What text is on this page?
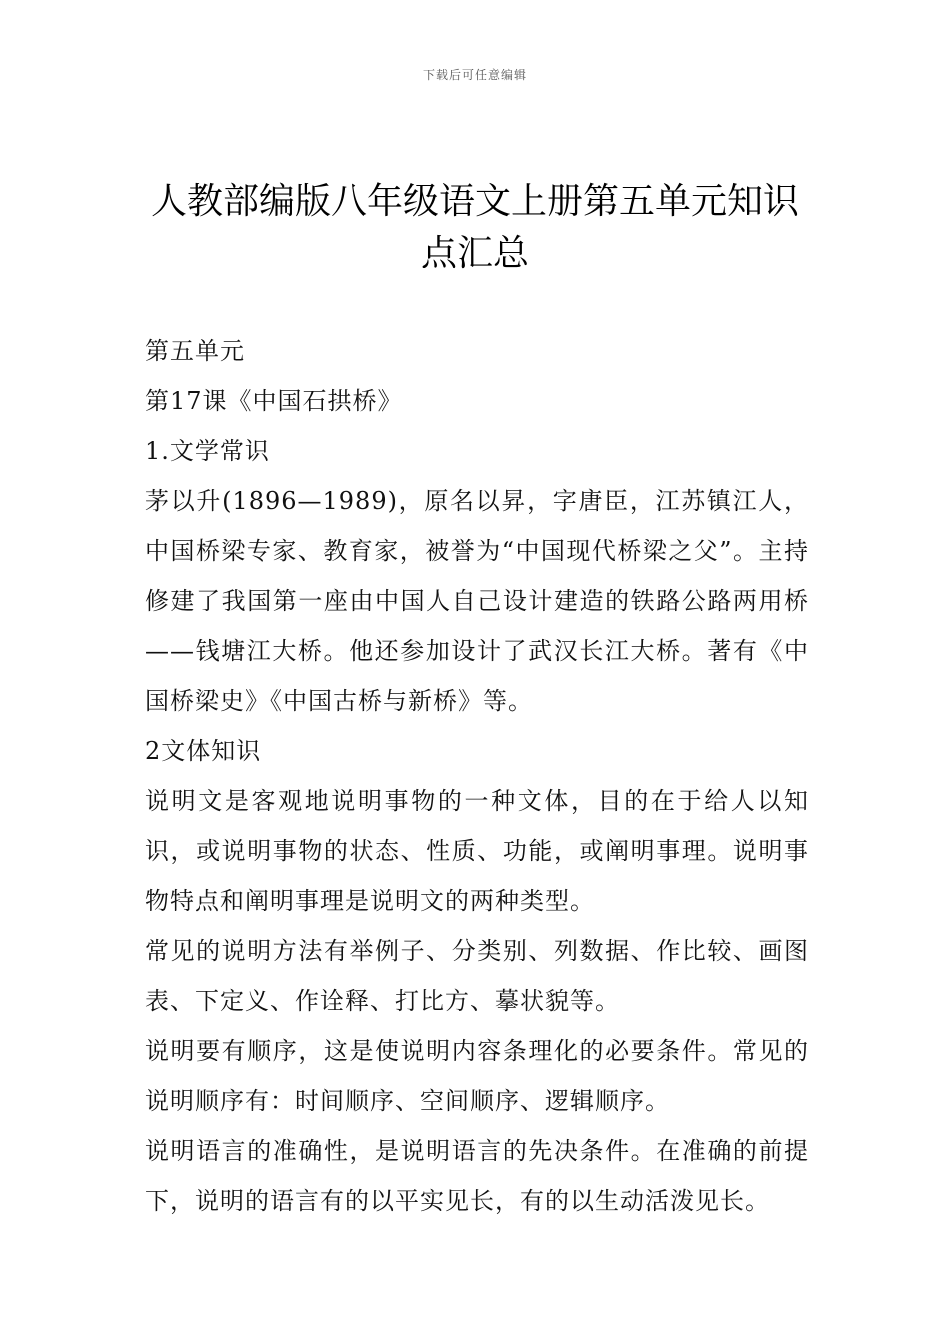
下载后可任意编辑
人教部编版八年级语文上册第五单元知识点汇总

第五单元

第17课《中国石拱桥》

1.文学常识

茅以升(1896—1989)，原名以昇，字唐臣，江苏镇江人，中国桥梁专家、教育家，被誉为“中国现代桥梁之父”。主持修建了我国第一座由中国人自己设计建造的铁路公路两用桥——钱塘江大桥。他还参加设计了武汉长江大桥。著有《中国桥梁史》《中国古桥与新桥》等。

2文体知识

说明文是客观地说明事物的一种文体，目的在于给人以知识，或说明事物的状态、性质、功能，或阐明事理。说明事物特点和阐明事理是说明文的两种类型。

常见的说明方法有举例子、分类别、列数据、作比较、画图表、下定义、作诠释、打比方、摹状貌等。

说明要有顺序，这是使说明内容条理化的必要条件。常见的说明顺序有：时间顺序、空间顺序、逻辑顺序。

说明语言的准确性，是说明语言的先决条件。在准确的前提下，说明的语言有的以平实见长，有的以生动活泼见长。
